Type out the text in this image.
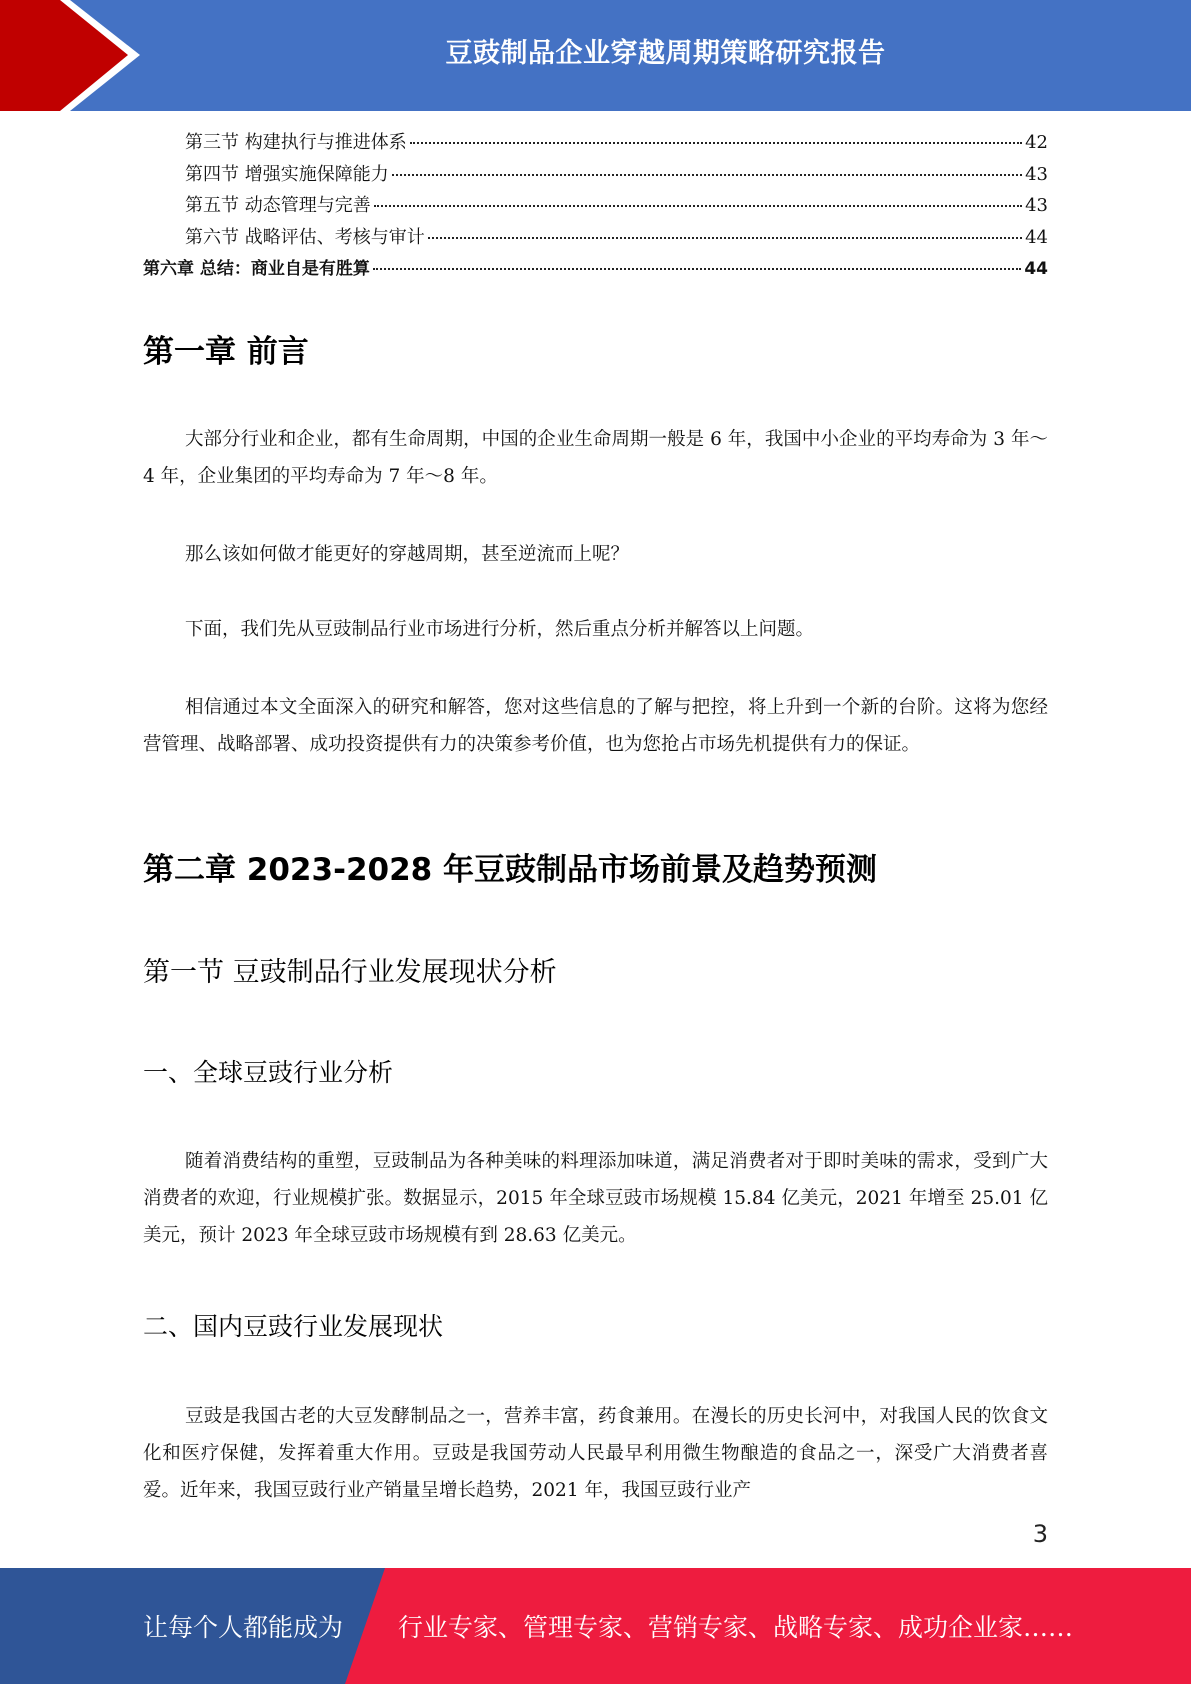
豆豉制品企业穿越周期策略研究报告
第三节 构建执行与推进体系	42
第四节 增强实施保障能力	43
第五节 动态管理与完善	43
第六节 战略评估、考核与审计	44
第六章 总结：商业自是有胜算	44
第一章 前言

大部分行业和企业，都有生命周期，中国的企业生命周期一般是 6 年，我国中小企业的平均寿命为 3 年～4 年，企业集团的平均寿命为 7 年～8 年。

那么该如何做才能更好的穿越周期，甚至逆流而上呢？

下面，我们先从豆豉制品行业市场进行分析，然后重点分析并解答以上问题。

相信通过本文全面深入的研究和解答，您对这些信息的了解与把控，将上升到一个新的台阶。这将为您经营管理、战略部署、成功投资提供有力的决策参考价值，也为您抢占市场先机提供有力的保证。

第二章 2023-2028 年豆豉制品市场前景及趋势预测
第一节 豆豉制品行业发展现状分析
一、全球豆豉行业分析

随着消费结构的重塑，豆豉制品为各种美味的料理添加味道，满足消费者对于即时美味的需求，受到广大消费者的欢迎，行业规模扩张。数据显示，2015 年全球豆豉市场规模 15.84 亿美元，2021 年增至 25.01 亿美元，预计 2023 年全球豆豉市场规模有到 28.63 亿美元。

二、国内豆豉行业发展现状

豆豉是我国古老的大豆发酵制品之一，营养丰富，药食兼用。在漫长的历史长河中，对我国人民的饮食文化和医疗保健，发挥着重大作用。豆豉是我国劳动人民最早利用微生物酿造的食品之一，深受广大消费者喜爱。近年来，我国豆豉行业产销量呈增长趋势，2021 年，我国豆豉行业产

3
让每个人都能成为 行业专家、管理专家、营销专家、战略专家、成功企业家……
